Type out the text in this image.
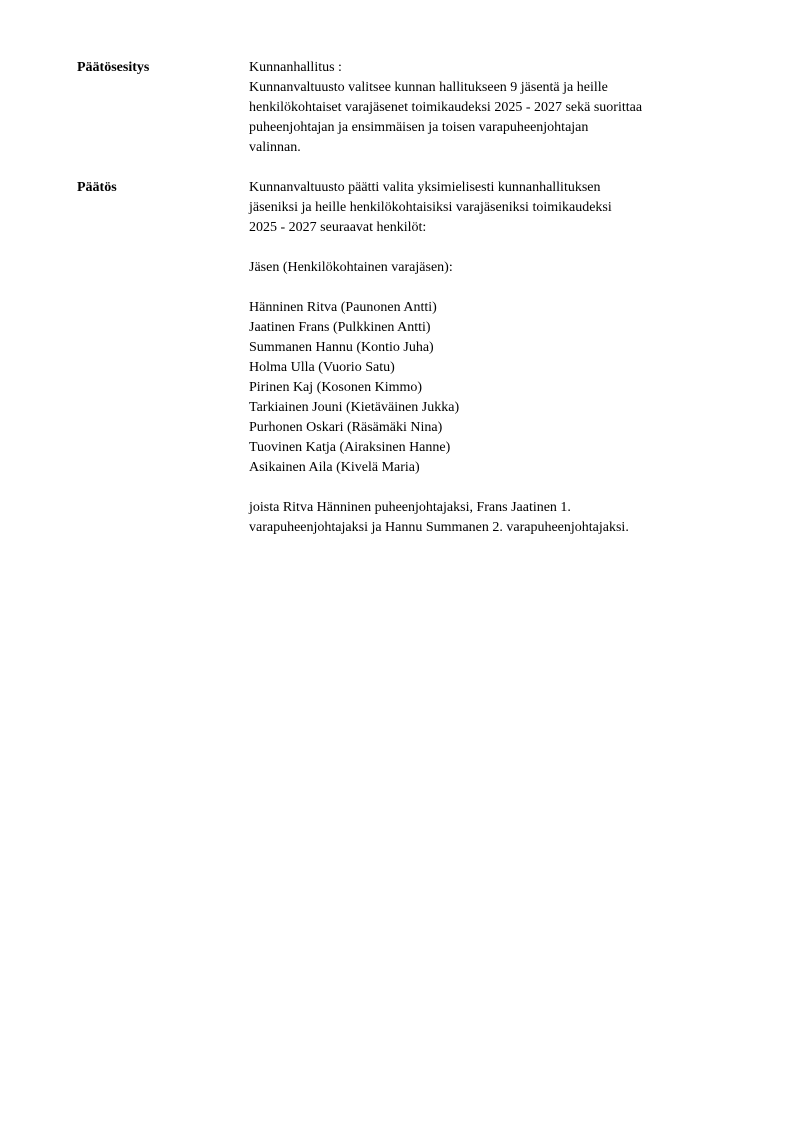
Päätösesitys	Kunnanhallitus :
Kunnanvaltuusto valitsee kunnan hallitukseen 9 jäsentä ja heille
henkilökohtaiset varajäsenet toimikaudeksi 2025 - 2027 sekä suorittaa
puheenjohtajan ja ensimmäisen ja toisen varapuheenjohtajan
valinnan.
Päätös	Kunnanvaltuusto päätti valita yksimielisesti kunnanhallituksen
jäseniksi ja heille henkilökohtaisiksi varajäseniksi toimikaudeksi
2025 - 2027 seuraavat henkilöt:
Jäsen (Henkilökohtainen varajäsen):
Hänninen Ritva (Paunonen Antti)
Jaatinen Frans (Pulkkinen Antti)
Summanen Hannu (Kontio Juha)
Holma Ulla (Vuorio Satu)
Pirinen Kaj (Kosonen Kimmo)
Tarkiainen Jouni (Kietäväinen Jukka)
Purhonen Oskari (Räsämäki Nina)
Tuovinen Katja (Airaksinen Hanne)
Asikainen Aila (Kivelä Maria)
joista Ritva Hänninen puheenjohtajaksi, Frans Jaatinen 1.
varapuheenjohtajaksi ja Hannu Summanen 2. varapuheenjohtajaksi.
